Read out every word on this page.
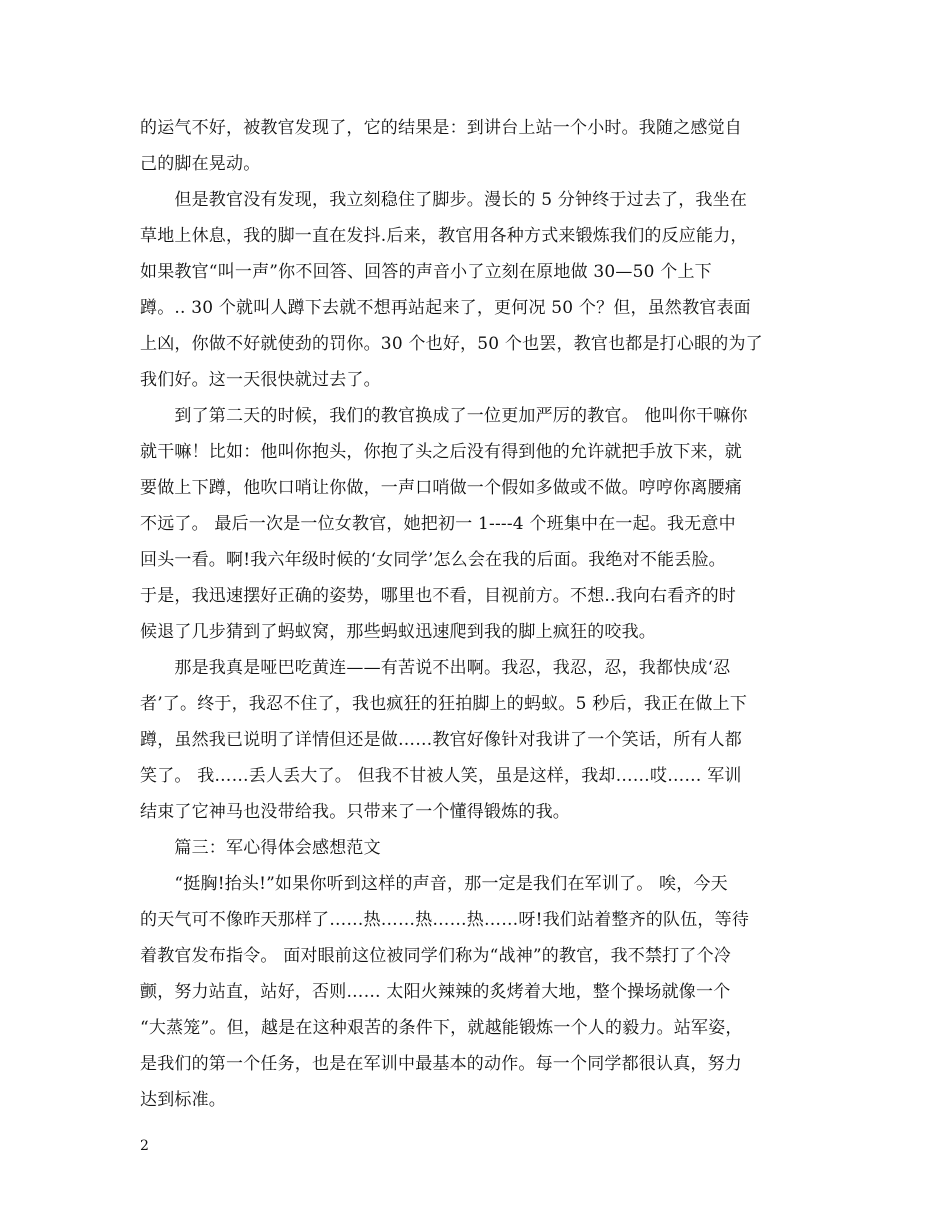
的运气不好，被教官发现了，它的结果是：到讲台上站一个小时。我随之感觉自
己的脚在晃动。
　　但是教官没有发现，我立刻稳住了脚步。漫长的 5 分钟终于过去了，我坐在
草地上休息，我的脚一直在发抖.后来，教官用各种方式来锻炼我们的反应能力，
如果教官“叫一声”你不回答、回答的声音小了立刻在原地做 30—50 个上下
蹲。.. 30 个就叫人蹲下去就不想再站起来了，更何况 50 个？但，虽然教官表面
上凶，你做不好就使劲的罚你。30 个也好，50 个也罢，教官也都是打心眼的为了
我们好。这一天很快就过去了。
　　到了第二天的时候，我们的教官换成了一位更加严厉的教官。 他叫你干嘛你
就干嘛！比如：他叫你抱头，你抱了头之后没有得到他的允许就把手放下来，就
要做上下蹲，他吹口哨让你做，一声口哨做一个假如多做或不做。哼哼你离腰痛
不远了。 最后一次是一位女教官，她把初一 1----4 个班集中在一起。我无意中
回头一看。啊!我六年级时候的‘女同学’怎么会在我的后面。我绝对不能丢脸。
于是，我迅速摆好正确的姿势，哪里也不看，目视前方。不想..我向右看齐的时
候退了几步猜到了蚂蚁窝，那些蚂蚁迅速爬到我的脚上疯狂的咬我。
　　那是我真是哑巴吃黄连——有苦说不出啊。我忍，我忍，忍，我都快成‘忍
者’了。终于，我忍不住了，我也疯狂的狂拍脚上的蚂蚁。5 秒后，我正在做上下
蹲，虽然我已说明了详情但还是做……教官好像针对我讲了一个笑话，所有人都
笑了。 我……丢人丢大了。 但我不甘被人笑，虽是这样，我却……哎…… 军训
结束了它神马也没带给我。只带来了一个懂得锻炼的我。
　　篇三：军心得体会感想范文
　　“挺胸!抬头!”如果你听到这样的声音，那一定是我们在军训了。 唉，今天
的天气可不像昨天那样了……热……热……热……呀!我们站着整齐的队伍，等待
着教官发布指令。 面对眼前这位被同学们称为“战神”的教官，我不禁打了个冷
颤，努力站直，站好，否则…… 太阳火辣辣的炙烤着大地，整个操场就像一个
“大蒸笼”。但，越是在这种艰苦的条件下，就越能锻炼一个人的毅力。站军姿，
是我们的第一个任务，也是在军训中最基本的动作。每一个同学都很认真，努力
达到标准。
2
